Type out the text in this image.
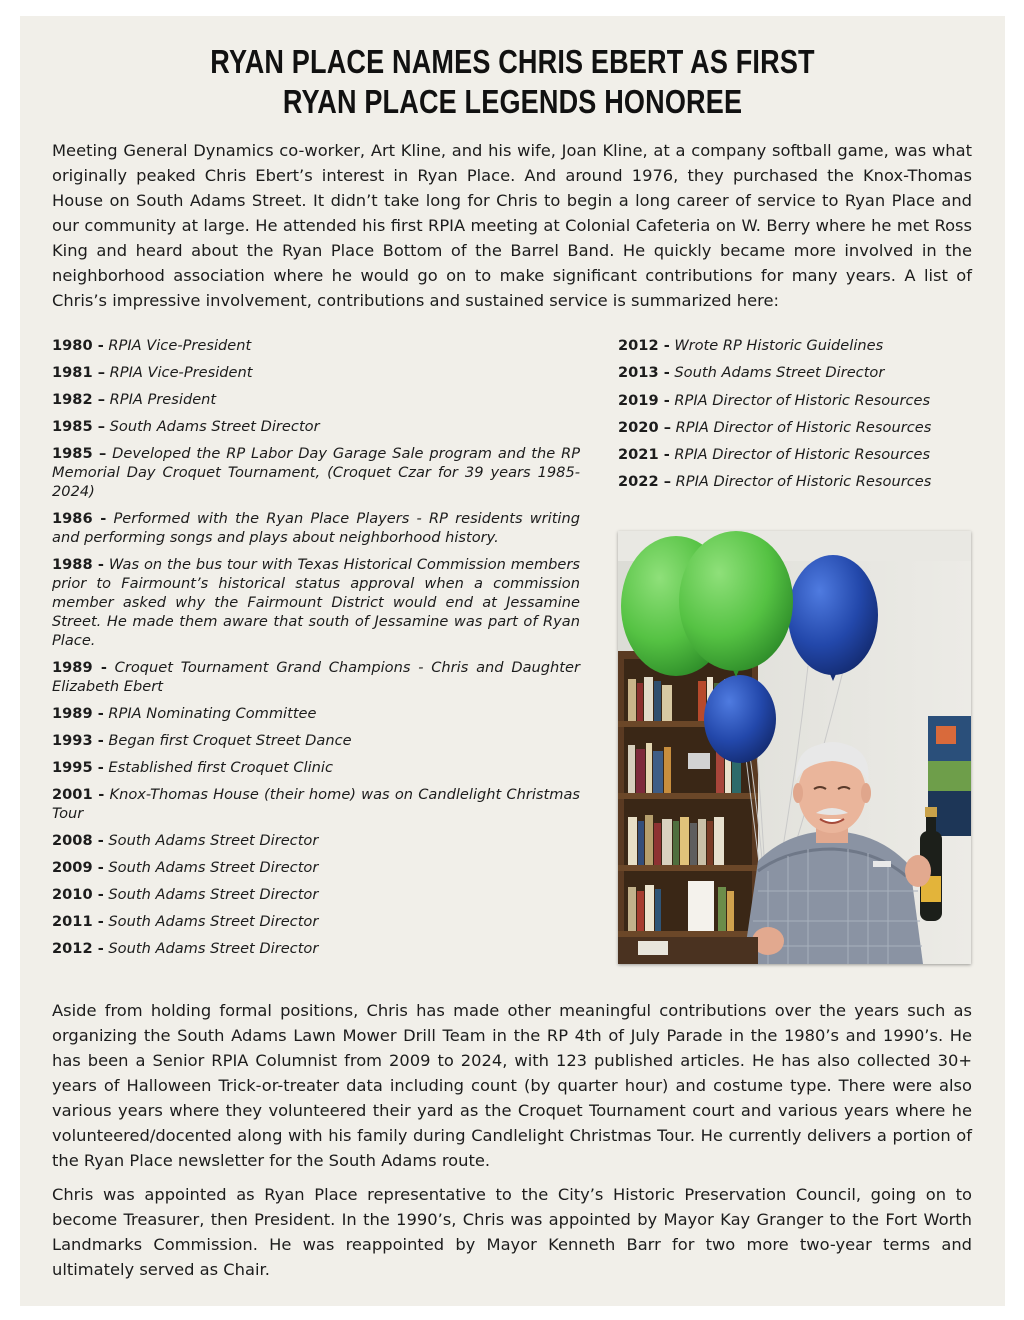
RYAN PLACE NAMES CHRIS EBERT AS FIRST
RYAN PLACE LEGENDS HONOREE

Meeting General Dynamics co-worker, Art Kline, and his wife, Joan Kline, at a company softball game, was what originally peaked Chris Ebert’s interest in Ryan Place. And around 1976, they purchased the Knox-Thomas House on South Adams Street. It didn’t take long for Chris to begin a long career of service to Ryan Place and our community at large. He attended his first RPIA meeting at Colonial Cafeteria on W. Berry where he met Ross King and heard about the Ryan Place Bottom of the Barrel Band. He quickly became more involved in the neighborhood association where he would go on to make significant contributions for many years. A list of Chris’s impressive involvement, contributions and sustained service is summarized here:

1980 - RPIA Vice-President

1981 – RPIA Vice-President

1982 – RPIA President

1985 – South Adams Street Director

1985 – Developed the RP Labor Day Garage Sale program and the RP Memorial Day Croquet Tournament, (Croquet Czar for 39 years 1985-2024)

1986 - Performed with the Ryan Place Players - RP residents writing and performing songs and plays about neighborhood history.

1988 - Was on the bus tour with Texas Historical Commission members prior to Fairmount’s historical status approval when a commission member asked why the Fairmount District would end at Jessamine Street. He made them aware that south of Jessamine was part of Ryan Place.

1989 - Croquet Tournament Grand Champions - Chris and Daughter Elizabeth Ebert

1989 - RPIA Nominating Committee

1993 - Began first Croquet Street Dance

1995 - Established first Croquet Clinic

2001 - Knox-Thomas House (their home) was on Candlelight Christmas Tour

2008 - South Adams Street Director

2009 - South Adams Street Director

2010 - South Adams Street Director

2011 - South Adams Street Director

2012 - South Adams Street Director

2012 - Wrote RP Historic Guidelines

2013 - South Adams Street Director

2019 - RPIA Director of Historic Resources

2020 – RPIA Director of Historic Resources

2021 - RPIA Director of Historic Resources

2022 – RPIA Director of Historic Resources

Aside from holding formal positions, Chris has made other meaningful contributions over the years such as organizing the South Adams Lawn Mower Drill Team in the RP 4th of July Parade in the 1980’s and 1990’s. He has been a Senior RPIA Columnist from 2009 to 2024, with 123 published articles. He has also collected 30+ years of Halloween Trick-or-treater data including count (by quarter hour) and costume type. There were also various years where they volunteered their yard as the Croquet Tournament court and various years where he volunteered/docented along with his family during Candlelight Christmas Tour. He currently delivers a portion of the Ryan Place newsletter for the South Adams route.

Chris was appointed as Ryan Place representative to the City’s Historic Preservation Council, going on to become Treasurer, then President. In the 1990’s, Chris was appointed by Mayor Kay Granger to the Fort Worth Landmarks Commission. He was reappointed by Mayor Kenneth Barr for two more two-year terms and ultimately served as Chair.
